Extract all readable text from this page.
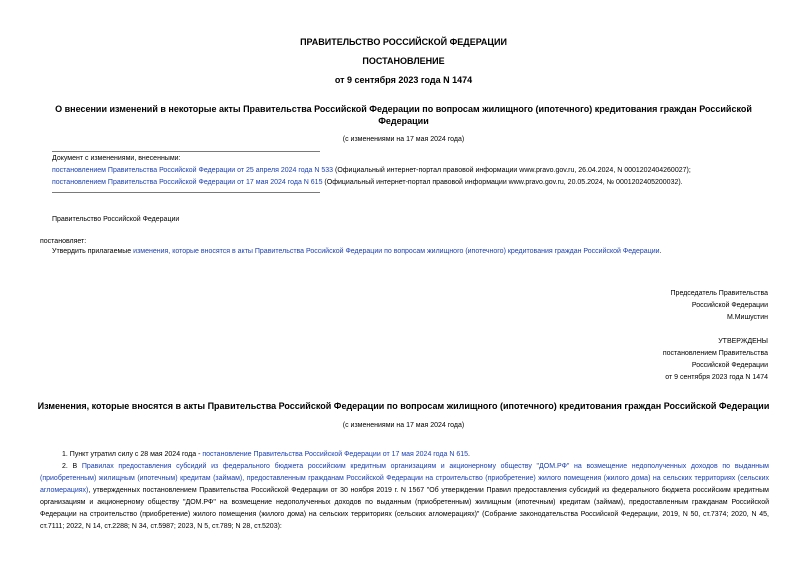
ПРАВИТЕЛЬСТВО РОССИЙСКОЙ ФЕДЕРАЦИИ
ПОСТАНОВЛЕНИЕ
от 9 сентября 2023 года N 1474
О внесении изменений в некоторые акты Правительства Российской Федерации по вопросам жилищного (ипотечного) кредитования граждан Российской Федерации
(с изменениями на 17 мая 2024 года)
Документ с изменениями, внесенными:
постановлением Правительства Российской Федерации от 25 апреля 2024 года N 533 (Официальный интернет-портал правовой информации www.pravo.gov.ru, 26.04.2024, N 0001202404260027);
постановлением Правительства Российской Федерации от 17 мая 2024 года N 615 (Официальный интернет-портал правовой информации www.pravo.gov.ru, 20.05.2024, № 0001202405200032).
Правительство Российской Федерации
постановляет:
Утвердить прилагаемые изменения, которые вносятся в акты Правительства Российской Федерации по вопросам жилищного (ипотечного) кредитования граждан Российской Федерации.
Председатель Правительства
Российской Федерации
М.Мишустин
УТВЕРЖДЕНЫ
постановлением Правительства
Российской Федерации
от 9 сентября 2023 года N 1474
Изменения, которые вносятся в акты Правительства Российской Федерации по вопросам жилищного (ипотечного) кредитования граждан Российской Федерации
(с изменениями на 17 мая 2024 года)
1. Пункт утратил силу с 28 мая 2024 года - постановление Правительства Российской Федерации от 17 мая 2024 года N 615.
2. В Правилах предоставления субсидий из федерального бюджета российским кредитным организациям и акционерному обществу "ДОМ.РФ" на возмещение недополученных доходов по выданным (приобретенным) жилищным (ипотечным) кредитам (займам), предоставленным гражданам Российской Федерации на строительство (приобретение) жилого помещения (жилого дома) на сельских территориях (сельских агломерациях), утвержденных постановлением Правительства Российской Федерации от 30 ноября 2019 г. N 1567 "Об утверждении Правил предоставления субсидий из федерального бюджета российским кредитным организациям и акционерному обществу "ДОМ.РФ" на возмещение недополученных доходов по выданным (приобретенным) жилищным (ипотечным) кредитам (займам), предоставленным гражданам Российской Федерации на строительство (приобретение) жилого помещения (жилого дома) на сельских территориях (сельских агломерациях)" (Собрание законодательства Российской Федерации, 2019, N 50, ст.7374; 2020, N 45, ст.7111; 2022, N 14, ст.2288; N 34, ст.5987; 2023, N 5, ст.789; N 28, ст.5203):
